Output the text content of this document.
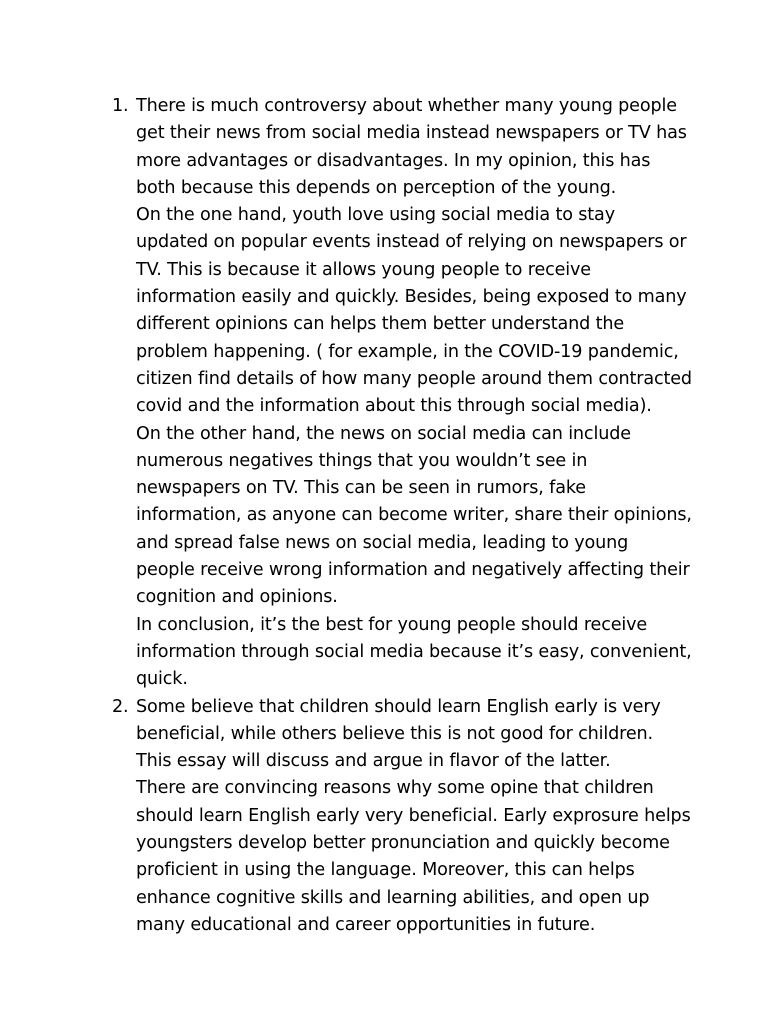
1. There is much controversy about whether many young people get their news from social media instead newspapers or TV has more advantages or disadvantages. In my opinion, this has both because this depends on perception of the young.

On the one hand, youth love using social media to stay updated on popular events instead of relying on newspapers or TV. This is because it allows young people to receive information easily and quickly. Besides, being exposed to many different opinions can helps them better understand the problem happening. ( for example, in the COVID-19 pandemic, citizen find details of how many people around them contracted covid and the information about this through social media).

On the other hand, the news on social media can include numerous negatives things that you wouldn’t see in newspapers on TV. This can be seen in rumors, fake information, as anyone can become writer, share their opinions, and spread false news on social media, leading to young people receive wrong information and negatively affecting their cognition and opinions.

In conclusion, it’s the best for young people should receive information through social media because it’s easy, convenient, quick.

2. Some believe that children should learn English early is very beneficial, while others believe this is not good for children. This essay will discuss and argue in flavor of the latter.

There are convincing reasons why some opine that children should learn English early very beneficial. Early exprosure helps youngsters develop better pronunciation and quickly become proficient in using the language. Moreover, this can helps enhance cognitive skills and learning abilities, and open up many educational and career opportunities in future.
